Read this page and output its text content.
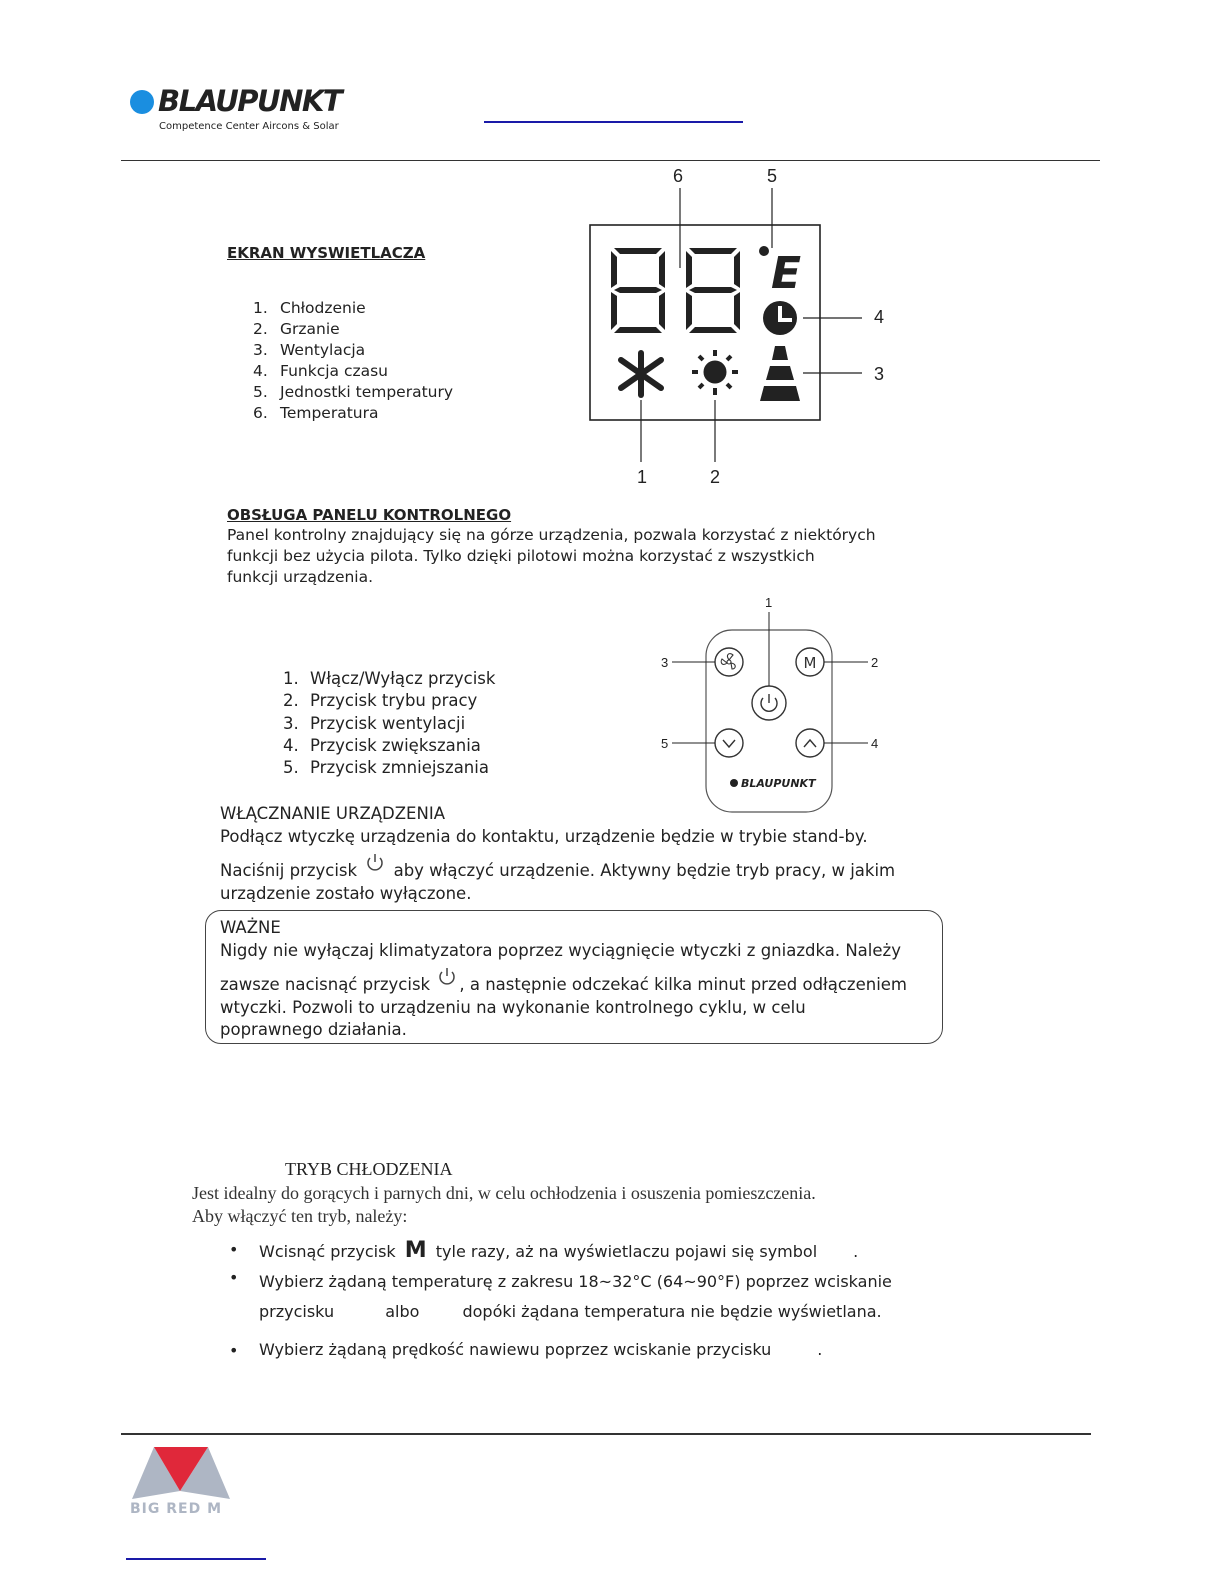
BLAUPUNKT
Competence Center Aircons & Solar
EKRAN WYSWIETLACZA
1. Chłodzenie
2. Grzanie
3. Wentylacja
4. Funkcja czasu
5. Jednostki temperatury
6. Temperatura
E
6	5
4
3
1	2
OBSŁUGA PANELU KONTROLNEGO
Panel kontrolny znajdujący się na górze urządzenia, pozwala korzystać z niektórych
funkcji bez użycia pilota. Tylko dzięki pilotowi można korzystać z wszystkich
funkcji urządzenia.
1. Włącz/Wyłącz przycisk
2. Przycisk trybu pracy
3. Przycisk wentylacji
4. Przycisk zwiększania
5. Przycisk zmniejszania
M
BLAUPUNKT
1
2
3
4
5
WŁĄCZNANIE URZĄDZENIA
Podłącz wtyczkę urządzenia do kontaktu, urządzenie będzie w trybie stand-by.
Naciśnij przycisk aby włączyć urządzenie. Aktywny będzie tryb pracy, w jakim
urządzenie zostało wyłączone.
WAŻNE
Nigdy nie wyłączaj klimatyzatora poprzez wyciągnięcie wtyczki z gniazdka. Należy
zawsze nacisnąć przycisk , a następnie odczekać kilka minut przed odłączeniem
wtyczki. Pozwoli to urządzeniu na wykonanie kontrolnego cyklu, w celu
poprawnego działania.
TRYB CHŁODZENIA
Jest idealny do gorących i parnych dni, w celu ochłodzenia i osuszenia pomieszczenia.
Aby włączyć ten tryb, należy:
• Wcisnąć przycisk M tyle razy, aż na wyświetlaczu pojawi się symbol .
• Wybierz żądaną temperaturę z zakresu 18~32°C (64~90°F) poprzez wciskanie
przycisku	albo	dopóki żądana temperatura nie będzie wyświetlana.
• Wybierz żądaną prędkość nawiewu poprzez wciskanie przycisku	.
BIG RED M
